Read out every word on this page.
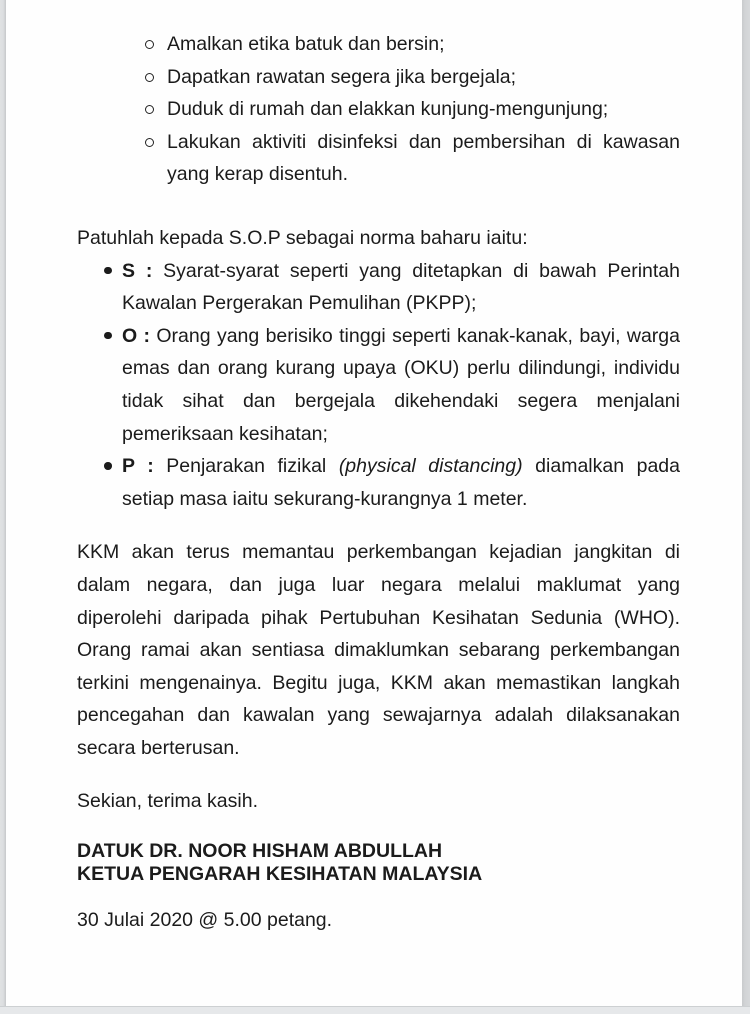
Amalkan etika batuk dan bersin;
Dapatkan rawatan segera jika bergejala;
Duduk di rumah dan elakkan kunjung-mengunjung;
Lakukan aktiviti disinfeksi dan pembersihan di kawasan yang kerap disentuh.

Patuhlah kepada S.O.P sebagai norma baharu iaitu:

S : Syarat-syarat seperti yang ditetapkan di bawah Perintah Kawalan Pergerakan Pemulihan (PKPP);
O : Orang yang berisiko tinggi seperti kanak-kanak, bayi, warga emas dan orang kurang upaya (OKU) perlu dilindungi, individu tidak sihat dan bergejala dikehendaki segera menjalani pemeriksaan kesihatan;
P : Penjarakan fizikal (physical distancing) diamalkan pada setiap masa iaitu sekurang-kurangnya 1 meter.

KKM akan terus memantau perkembangan kejadian jangkitan di dalam negara, dan juga luar negara melalui maklumat yang diperolehi daripada pihak Pertubuhan Kesihatan Sedunia (WHO). Orang ramai akan sentiasa dimaklumkan sebarang perkembangan terkini mengenainya. Begitu juga, KKM akan memastikan langkah pencegahan dan kawalan yang sewajarnya adalah dilaksanakan secara berterusan.

Sekian, terima kasih.

DATUK DR. NOOR HISHAM ABDULLAH
KETUA PENGARAH KESIHATAN MALAYSIA

30 Julai 2020 @ 5.00 petang.
